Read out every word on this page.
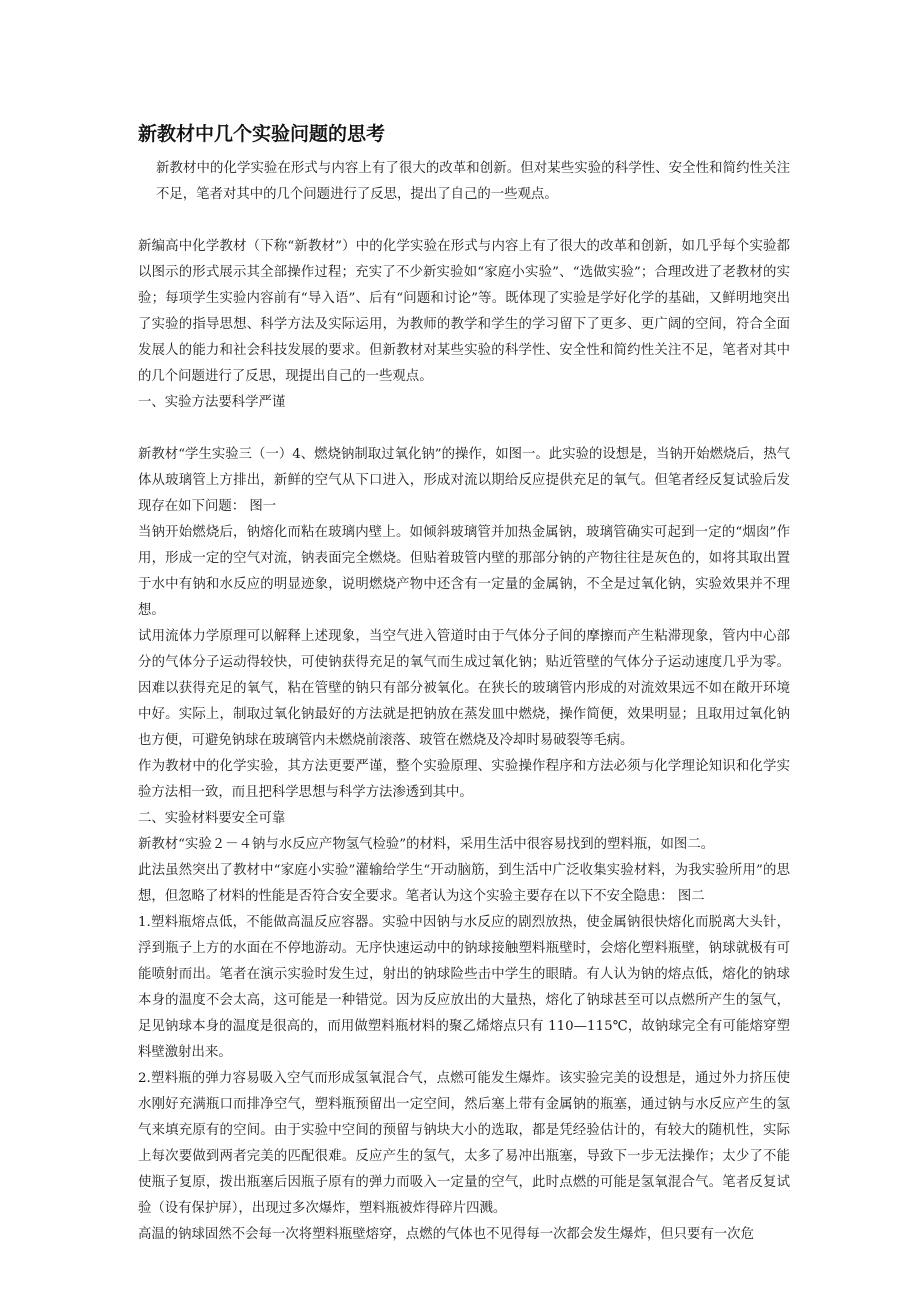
新教材中几个实验问题的思考

新教材中的化学实验在形式与内容上有了很大的改革和创新。但对某些实验的科学性、安全性和简约性关注不足，笔者对其中的几个问题进行了反思，提出了自己的一些观点。

新编高中化学教材（下称“新教材”）中的化学实验在形式与内容上有了很大的改革和创新，如几乎每个实验都以图示的形式展示其全部操作过程；充实了不少新实验如“家庭小实验”、“选做实验”；合理改进了老教材的实验；每项学生实验内容前有“导入语”、后有“问题和讨论”等。既体现了实验是学好化学的基础，又鲜明地突出了实验的指导思想、科学方法及实际运用，为教师的教学和学生的学习留下了更多、更广阔的空间，符合全面发展人的能力和社会科技发展的要求。但新教材对某些实验的科学性、安全性和简约性关注不足，笔者对其中的几个问题进行了反思，现提出自己的一些观点。

一、实验方法要科学严谨

新教材“学生实验三（一）4、燃烧钠制取过氧化钠”的操作，如图一。此实验的设想是，当钠开始燃烧后，热气体从玻璃管上方排出，新鲜的空气从下口进入，形成对流以期给反应提供充足的氧气。但笔者经反复试验后发现存在如下问题： 图一

当钠开始燃烧后，钠熔化而粘在玻璃内壁上。如倾斜玻璃管并加热金属钠，玻璃管确实可起到一定的“烟囱”作用，形成一定的空气对流，钠表面完全燃烧。但贴着玻管内壁的那部分钠的产物往往是灰色的，如将其取出置于水中有钠和水反应的明显迹象，说明燃烧产物中还含有一定量的金属钠，不全是过氧化钠，实验效果并不理想。

试用流体力学原理可以解释上述现象，当空气进入管道时由于气体分子间的摩擦而产生粘滞现象，管内中心部分的气体分子运动得较快，可使钠获得充足的氧气而生成过氧化钠；贴近管壁的气体分子运动速度几乎为零。因难以获得充足的氧气，粘在管壁的钠只有部分被氧化。在狭长的玻璃管内形成的对流效果远不如在敞开环境中好。实际上，制取过氧化钠最好的方法就是把钠放在蒸发皿中燃烧，操作简便，效果明显；且取用过氧化钠也方便，可避免钠球在玻璃管内未燃烧前滚落、玻管在燃烧及冷却时易破裂等毛病。

作为教材中的化学实验，其方法更要严谨，整个实验原理、实验操作程序和方法必须与化学理论知识和化学实验方法相一致，而且把科学思想与科学方法渗透到其中。

二、实验材料要安全可靠

新教材“实验２－４钠与水反应产物氢气检验”的材料，采用生活中很容易找到的塑料瓶，如图二。

此法虽然突出了教材中“家庭小实验”灌输给学生“开动脑筋，到生活中广泛收集实验材料，为我实验所用”的思想，但忽略了材料的性能是否符合安全要求。笔者认为这个实验主要存在以下不安全隐患： 图二

1.塑料瓶熔点低，不能做高温反应容器。实验中因钠与水反应的剧烈放热，使金属钠很快熔化而脱离大头针，浮到瓶子上方的水面在不停地游动。无序快速运动中的钠球接触塑料瓶壁时，会熔化塑料瓶壁，钠球就极有可能喷射而出。笔者在演示实验时发生过，射出的钠球险些击中学生的眼睛。有人认为钠的熔点低，熔化的钠球本身的温度不会太高，这可能是一种错觉。因为反应放出的大量热，熔化了钠球甚至可以点燃所产生的氢气，足见钠球本身的温度是很高的，而用做塑料瓶材料的聚乙烯熔点只有 110—115℃，故钠球完全有可能熔穿塑料壁激射出来。

2.塑料瓶的弹力容易吸入空气而形成氢氧混合气，点燃可能发生爆炸。该实验完美的设想是，通过外力挤压使水刚好充满瓶口而排净空气，塑料瓶预留出一定空间，然后塞上带有金属钠的瓶塞，通过钠与水反应产生的氢气来填充原有的空间。由于实验中空间的预留与钠块大小的选取，都是凭经验估计的，有较大的随机性，实际上每次要做到两者完美的匹配很难。反应产生的氢气，太多了易冲出瓶塞，导致下一步无法操作；太少了不能使瓶子复原，拨出瓶塞后因瓶子原有的弹力而吸入一定量的空气，此时点燃的可能是氢氧混合气。笔者反复试验（设有保护屏），出现过多次爆炸，塑料瓶被炸得碎片四溅。

高温的钠球固然不会每一次将塑料瓶壁熔穿，点燃的气体也不见得每一次都会发生爆炸，但只要有一次危
